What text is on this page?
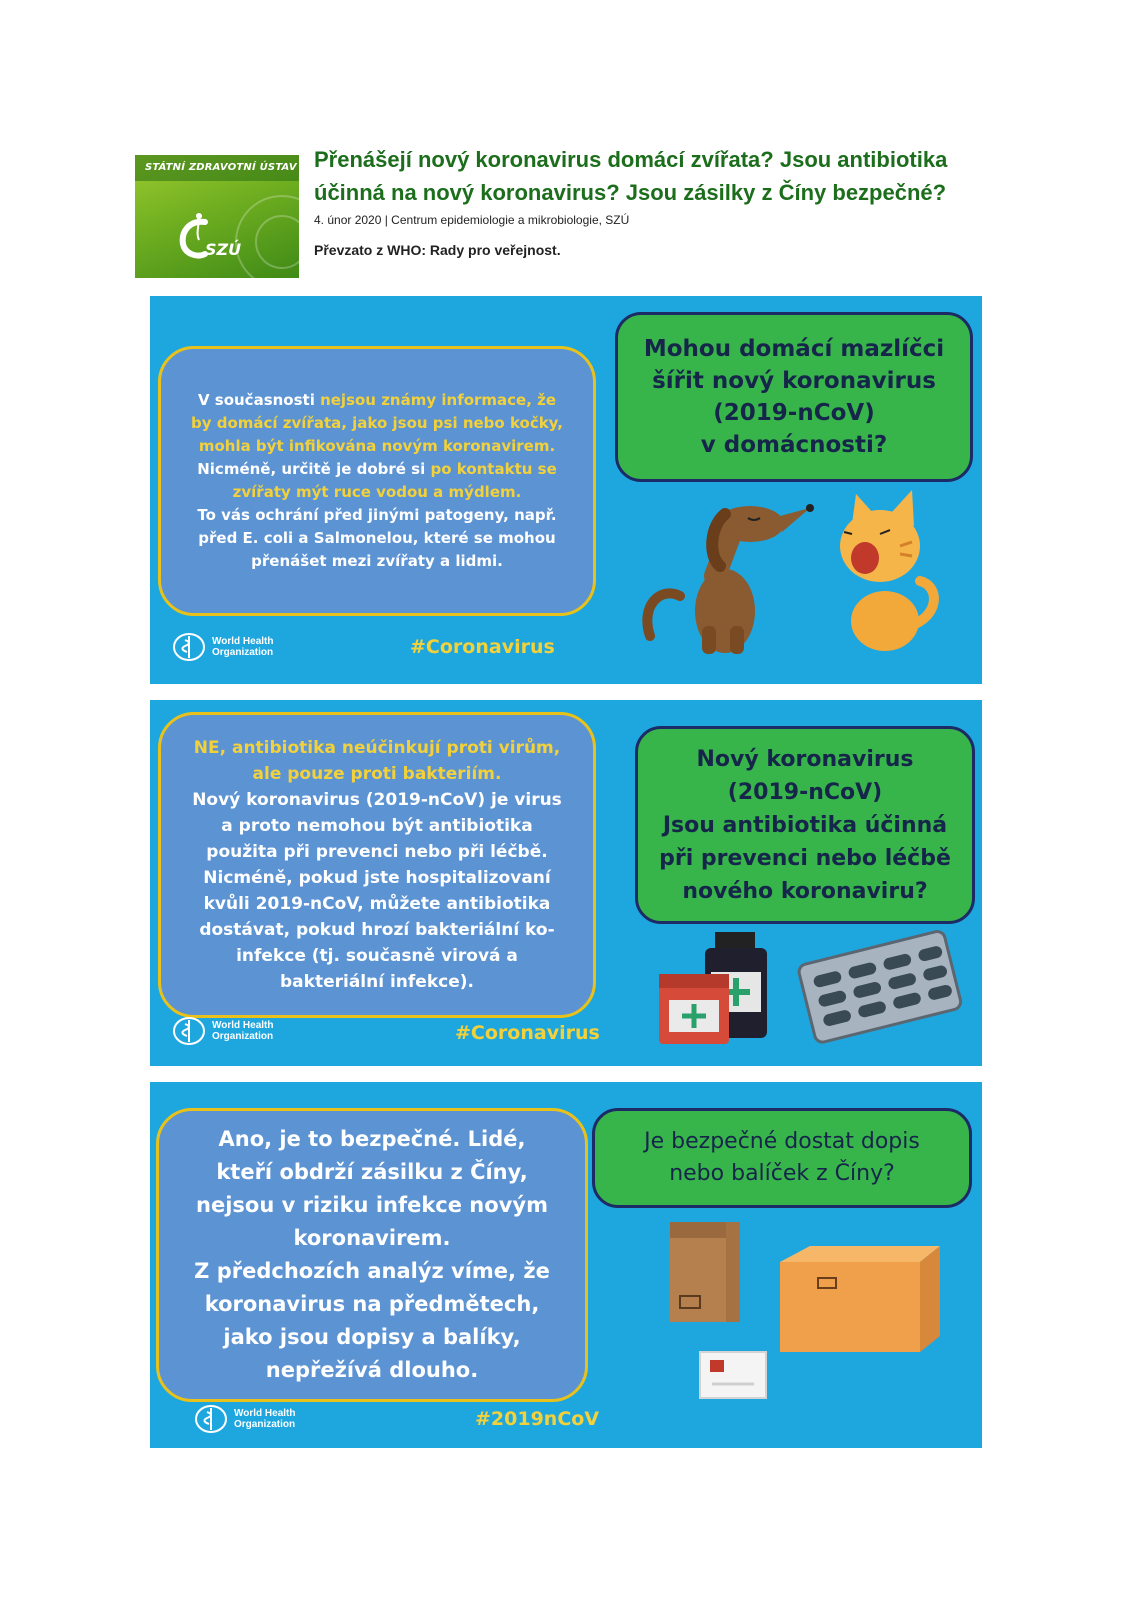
STÁTNÍ ZDRAVOTNÍ ÚSTAV
SZÚ
Přenášejí nový koronavirus domácí zvířata? Jsou antibiotika účinná na nový koronavirus? Jsou zásilky z Číny bezpečné?
4. únor 2020 | Centrum epidemiologie a mikrobiologie, SZÚ
Převzato z WHO: Rady pro veřejnost.
V současnosti nejsou známy informace, že
by domácí zvířata, jako jsou psi nebo kočky,
mohla být infikována novým koronavirem.
Nicméně, určitě je dobré si po kontaktu se
zvířaty mýt ruce vodou a mýdlem.
To vás ochrání před jinými patogeny, např.
před E. coli a Salmonelou, které se mohou
přenášet mezi zvířaty a lidmi.
Mohou domácí mazlíčci
šířit nový koronavirus
(2019-nCoV)
v domácnosti?
World Health
Organization	#Coronavirus
NE, antibiotika neúčinkují proti virům,
ale pouze proti bakteriím.
Nový koronavirus (2019-nCoV) je virus
a proto nemohou být antibiotika
použita při prevenci nebo při léčbě.
Nicméně, pokud jste hospitalizovaní
kvůli 2019-nCoV, můžete antibiotika
dostávat, pokud hrozí bakteriální ko-
infekce (tj. současně virová a
bakteriální infekce).
Nový koronavirus
(2019-nCoV)
Jsou antibiotika účinná
při prevenci nebo léčbě
nového koronaviru?
World Health
Organization	#Coronavirus
Ano, je to bezpečné. Lidé,
kteří obdrží zásilku z Číny,
nejsou v riziku infekce novým
koronavirem.
Z předchozích analýz víme, že
koronavirus na předmětech,
jako jsou dopisy a balíky,
nepřežívá dlouho.
Je bezpečné dostat dopis
nebo balíček z Číny?
World Health
Organization	#2019nCoV
